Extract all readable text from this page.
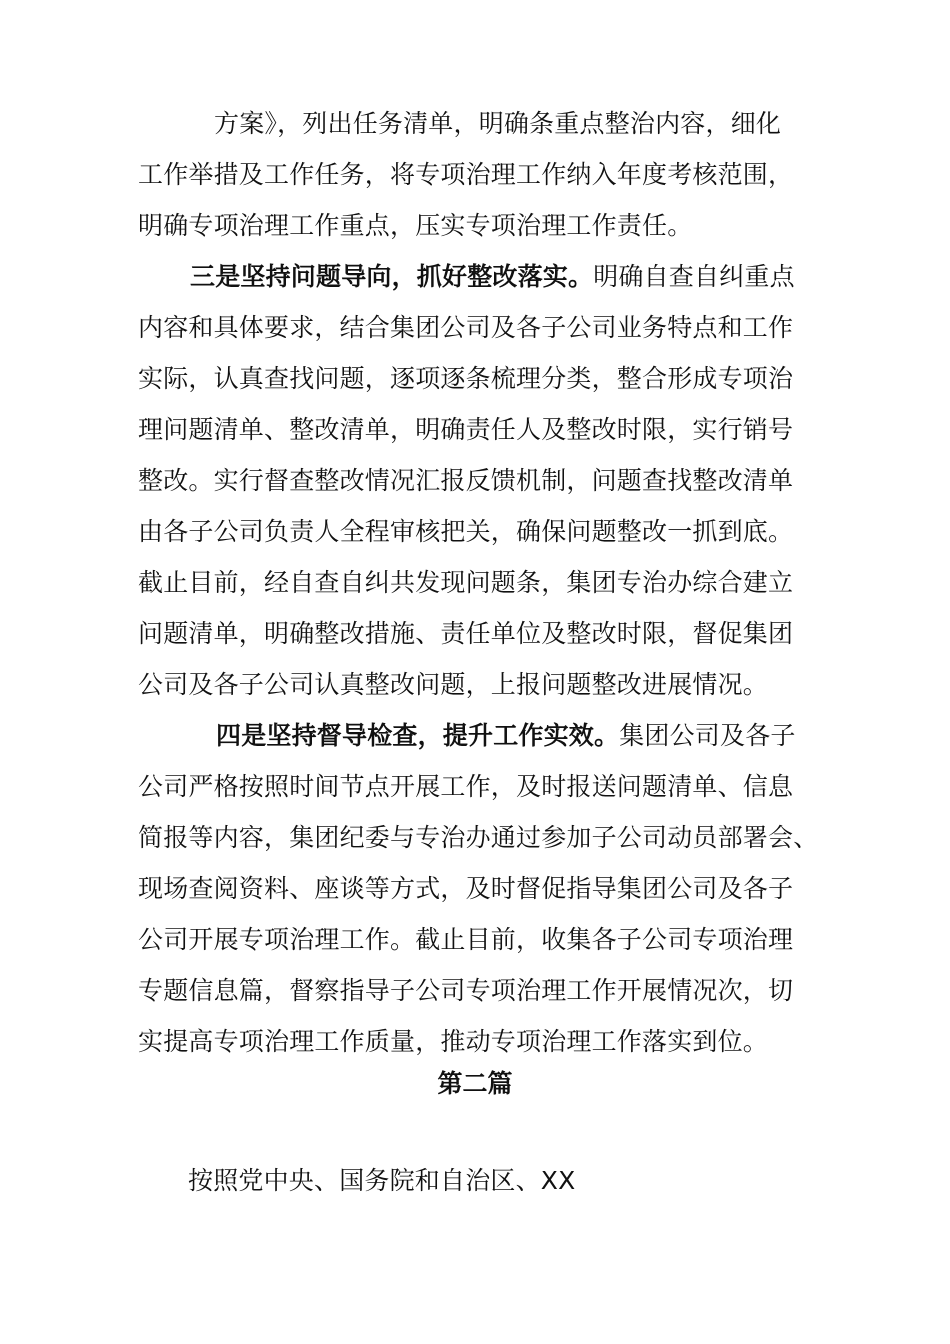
方案》，列出任务清单，明确条重点整治内容，细化
工作举措及工作任务，将专项治理工作纳入年度考核范围，
明确专项治理工作重点，压实专项治理工作责任。
三是坚持问题导向，抓好整改落实。明确自查自纠重点
内容和具体要求，结合集团公司及各子公司业务特点和工作
实际，认真查找问题，逐项逐条梳理分类，整合形成专项治
理问题清单、整改清单，明确责任人及整改时限，实行销号
整改。实行督查整改情况汇报反馈机制，问题查找整改清单
由各子公司负责人全程审核把关，确保问题整改一抓到底。
截止目前，经自查自纠共发现问题条，集团专治办综合建立
问题清单，明确整改措施、责任单位及整改时限，督促集团
公司及各子公司认真整改问题，上报问题整改进展情况。
四是坚持督导检查，提升工作实效。集团公司及各子
公司严格按照时间节点开展工作，及时报送问题清单、信息
简报等内容，集团纪委与专治办通过参加子公司动员部署会、
现场查阅资料、座谈等方式，及时督促指导集团公司及各子
公司开展专项治理工作。截止目前，收集各子公司专项治理
专题信息篇，督察指导子公司专项治理工作开展情况次，切
实提高专项治理工作质量，推动专项治理工作落实到位。
第二篇
按照党中央、国务院和自治区、XX
